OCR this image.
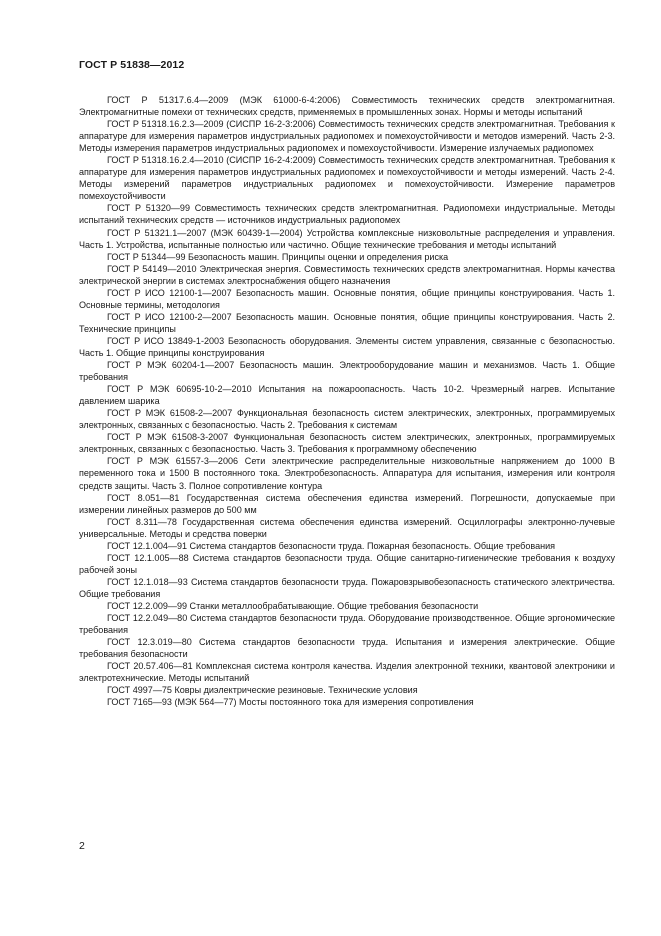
ГОСТ Р 51838—2012

ГОСТ Р 51317.6.4—2009 (МЭК 61000-6-4:2006) Совместимость технических средств электромагнитная. Электромагнитные помехи от технических средств, применяемых в промышленных зонах. Нормы и методы испытаний

ГОСТ Р 51318.16.2.3—2009 (СИСПР 16-2-3:2006) Совместимость технических средств электромагнитная. Требования к аппаратуре для измерения параметров индустриальных радиопомех и помехоустойчивости и методов измерений. Часть 2-3. Методы измерения параметров индустриальных радиопомех и помехоустойчивости. Измерение излучаемых радиопомех

ГОСТ Р 51318.16.2.4—2010 (СИСПР 16-2-4:2009) Совместимость технических средств электромагнитная. Требования к аппаратуре для измерения параметров индустриальных радиопомех и помехоустойчивости и методы измерений. Часть 2-4. Методы измерений параметров индустриальных радиопомех и помехоустойчивости. Измерение параметров помехоустойчивости

ГОСТ Р 51320—99 Совместимость технических средств электромагнитная. Радиопомехи индустриальные. Методы испытаний технических средств — источников индустриальных радиопомех

ГОСТ Р 51321.1—2007 (МЭК 60439-1—2004) Устройства комплексные низковольтные распределения и управления. Часть 1. Устройства, испытанные полностью или частично. Общие технические требования и методы испытаний

ГОСТ Р 51344—99 Безопасность машин. Принципы оценки и определения риска

ГОСТ Р 54149—2010 Электрическая энергия. Совместимость технических средств электромагнитная. Нормы качества электрической энергии в системах электроснабжения общего назначения

ГОСТ Р ИСО 12100-1—2007 Безопасность машин. Основные понятия, общие принципы конструирования. Часть 1. Основные термины, методология

ГОСТ Р ИСО 12100-2—2007 Безопасность машин. Основные понятия, общие принципы конструирования. Часть 2. Технические принципы

ГОСТ Р ИСО 13849-1-2003 Безопасность оборудования. Элементы систем управления, связанные с безопасностью. Часть 1. Общие принципы конструирования

ГОСТ Р МЭК 60204-1—2007 Безопасность машин. Электрооборудование машин и механизмов. Часть 1. Общие требования

ГОСТ Р МЭК 60695-10-2—2010 Испытания на пожароопасность. Часть 10-2. Чрезмерный нагрев. Испытание давлением шарика

ГОСТ Р МЭК 61508-2—2007 Функциональная безопасность систем электрических, электронных, программируемых электронных, связанных с безопасностью. Часть 2. Требования к системам

ГОСТ Р МЭК 61508-3-2007 Функциональная безопасность систем электрических, электронных, программируемых электронных, связанных с безопасностью. Часть 3. Требования к программному обеспечению

ГОСТ Р МЭК 61557-3—2006 Сети электрические распределительные низковольтные напряжением до 1000 В переменного тока и 1500 В постоянного тока. Электробезопасность. Аппаратура для испытания, измерения или контроля средств защиты. Часть 3. Полное сопротивление контура

ГОСТ 8.051—81 Государственная система обеспечения единства измерений. Погрешности, допускаемые при измерении линейных размеров до 500 мм

ГОСТ 8.311—78 Государственная система обеспечения единства измерений. Осциллографы электронно-лучевые универсальные. Методы и средства поверки

ГОСТ 12.1.004—91 Система стандартов безопасности труда. Пожарная безопасность. Общие требования

ГОСТ 12.1.005—88 Система стандартов безопасности труда. Общие санитарно-гигиенические требования к воздуху рабочей зоны

ГОСТ 12.1.018—93 Система стандартов безопасности труда. Пожаровзрывобезопасность статического электричества. Общие требования

ГОСТ 12.2.009—99 Станки металлообрабатывающие. Общие требования безопасности

ГОСТ 12.2.049—80 Система стандартов безопасности труда. Оборудование производственное. Общие эргономические требования

ГОСТ 12.3.019—80 Система стандартов безопасности труда. Испытания и измерения электрические. Общие требования безопасности

ГОСТ 20.57.406—81 Комплексная система контроля качества. Изделия электронной техники, квантовой электроники и электротехнические. Методы испытаний

ГОСТ 4997—75 Ковры диэлектрические резиновые. Технические условия

ГОСТ 7165—93 (МЭК 564—77) Мосты постоянного тока для измерения сопротивления

2
